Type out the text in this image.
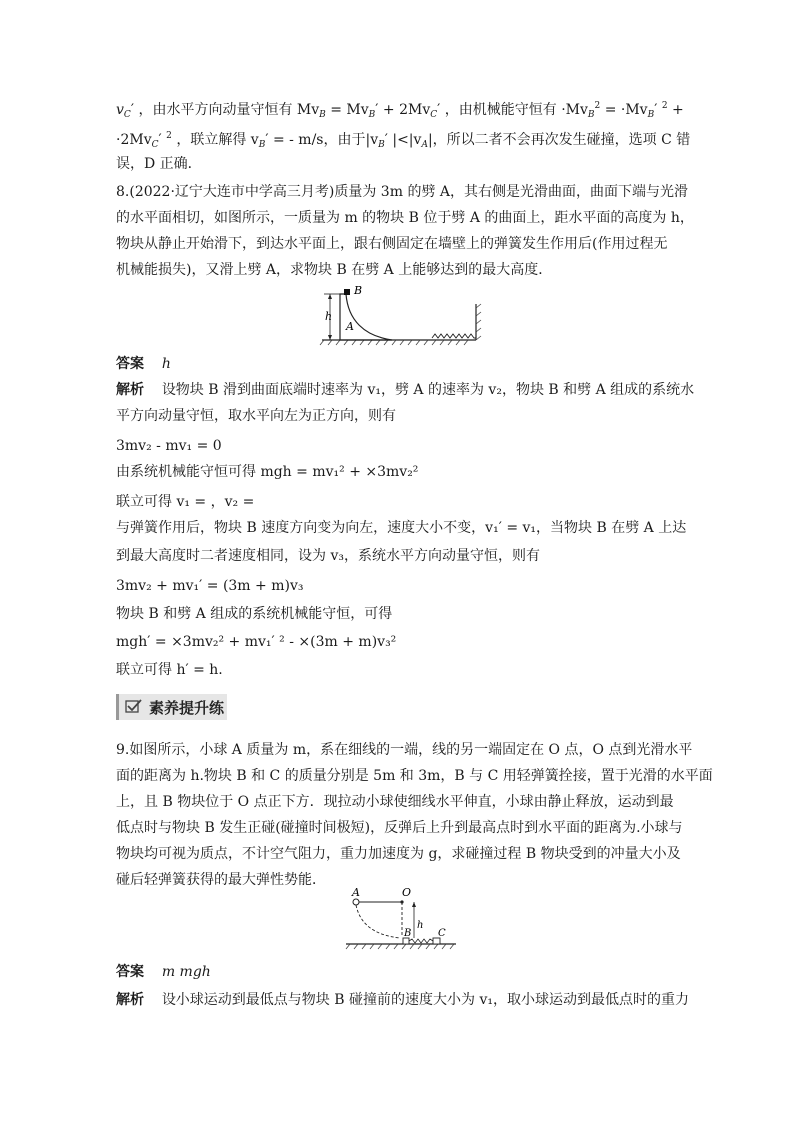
$v_C'$ ，由水平方向动量守恒有 $Mv_B = Mv_B' + 2Mv_C'$ ，由机械能守恒有 $\cdot Mv_B^2 = \cdot Mv_B'$ $^2$ +
$\cdot 2Mv_C'$ $^2$ ，联立解得 $v_B'$ = - m/s，由于$|v_B'$ $|<|v_A|$，所以二者不会再次发生碰撞，选项 C 错
误，D 正确．
8.(2022·辽宁大连市中学高三月考)质量为 3m 的劈 A，其右侧是光滑曲面，曲面下端与光滑
的水平面相切，如图所示，一质量为 m 的物块 B 位于劈 A 的曲面上，距水平面的高度为 h，
物块从静止开始滑下，到达水平面上，跟右侧固定在墙壁上的弹簧发生作用后(作用过程无
机械能损失)，又滑上劈 A，求物块 B 在劈 A 上能够达到的最大高度．
B
h
A
答案 h
解析 设物块 B 滑到曲面底端时速率为 v₁，劈 A 的速率为 v₂，物块 B 和劈 A 组成的系统水
平方向动量守恒，取水平向左为正方向，则有
3mv₂ - mv₁ = 0
由系统机械能守恒可得 mgh = mv₁² + ×3mv₂²
联立可得 v₁ = ，v₂ =
与弹簧作用后，物块 B 速度方向变为向左，速度大小不变，v₁′ = v₁，当物块 B 在劈 A 上达
到最大高度时二者速度相同，设为 v₃，系统水平方向动量守恒，则有
3mv₂ + mv₁′ = (3m + m)v₃
物块 B 和劈 A 组成的系统机械能守恒，可得
mgh′ = ×3mv₂² + mv₁′ ² - ×(3m + m)v₃²
联立可得 h′ = h.
素养提升练
9.如图所示，小球 A 质量为 m，系在细线的一端，线的另一端固定在 O 点，O 点到光滑水平
面的距离为 h.物块 B 和 C 的质量分别是 5m 和 3m，B 与 C 用轻弹簧拴接，置于光滑的水平面
上，且 B 物块位于 O 点正下方．现拉动小球使细线水平伸直，小球由静止释放，运动到最
低点时与物块 B 发生正碰(碰撞时间极短)，反弹后上升到最高点时到水平面的距离为.小球与
物块均可视为质点，不计空气阻力，重力加速度为 g，求碰撞过程 B 物块受到的冲量大小及
碰后轻弹簧获得的最大弹性势能．
A	O
h
B	C
答案 m mgh
解析 设小球运动到最低点与物块 B 碰撞前的速度大小为 v₁，取小球运动到最低点时的重力
